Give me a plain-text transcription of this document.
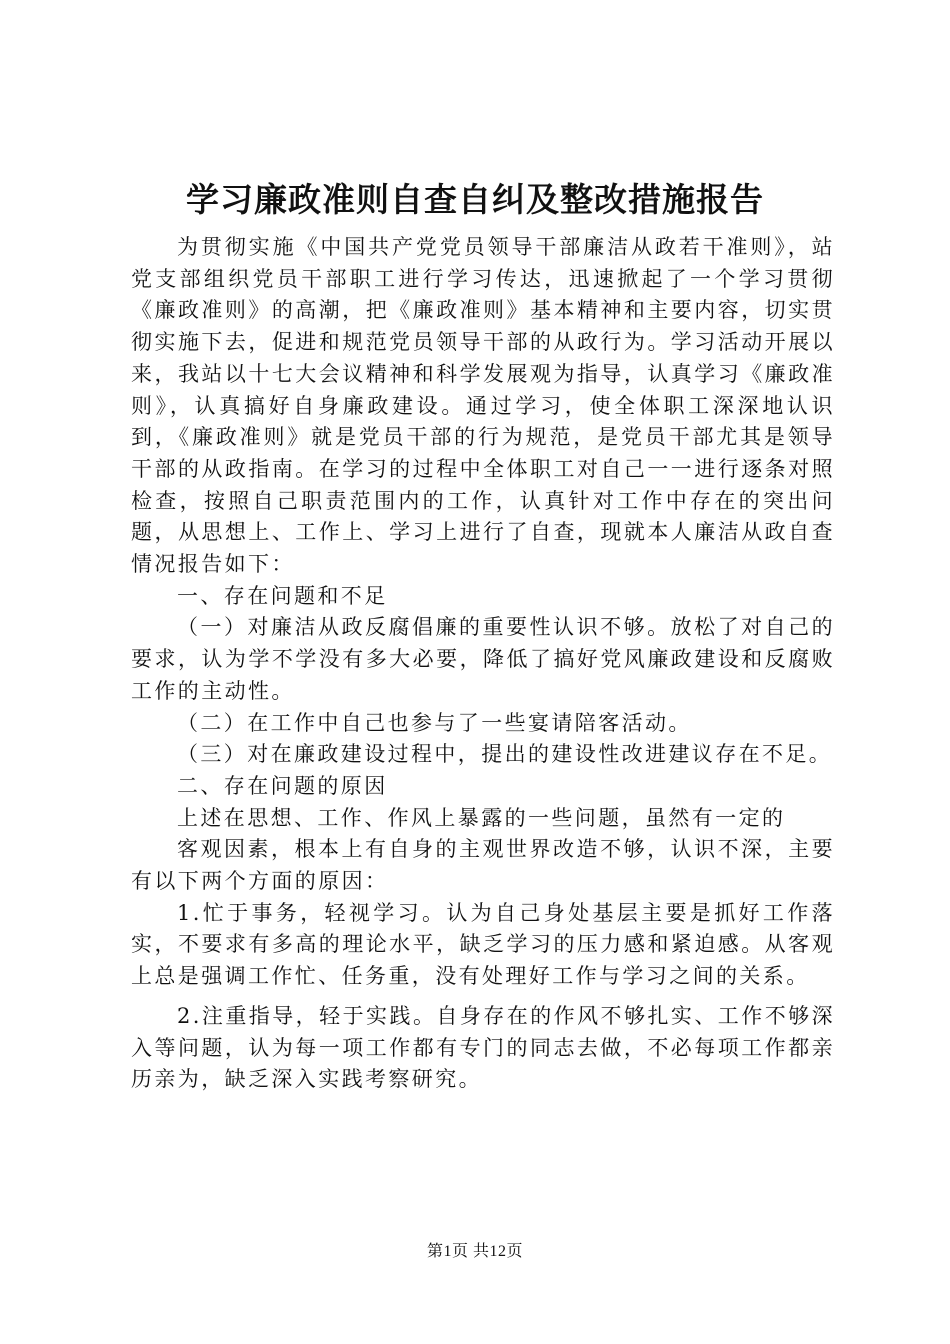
学习廉政准则自查自纠及整改措施报告

为贯彻实施《中国共产党党员领导干部廉洁从政若干准则》，站党支部组织党员干部职工进行学习传达，迅速掀起了一个学习贯彻《廉政准则》的高潮，把《廉政准则》基本精神和主要内容，切实贯彻实施下去，促进和规范党员领导干部的从政行为。学习活动开展以来，我站以十七大会议精神和科学发展观为指导，认真学习《廉政准则》，认真搞好自身廉政建设。通过学习，使全体职工深深地认识到，《廉政准则》就是党员干部的行为规范，是党员干部尤其是领导干部的从政指南。在学习的过程中全体职工对自己一一进行逐条对照检查，按照自己职责范围内的工作，认真针对工作中存在的突出问题，从思想上、工作上、学习上进行了自查，现就本人廉洁从政自查情况报告如下：

一、存在问题和不足

（一）对廉洁从政反腐倡廉的重要性认识不够。放松了对自己的要求，认为学不学没有多大必要，降低了搞好党风廉政建设和反腐败工作的主动性。

（二）在工作中自己也参与了一些宴请陪客活动。

（三）对在廉政建设过程中，提出的建设性改进建议存在不足。

二、存在问题的原因

上述在思想、工作、作风上暴露的一些问题，虽然有一定的

客观因素，根本上有自身的主观世界改造不够，认识不深，主要有以下两个方面的原因：

1.忙于事务，轻视学习。认为自己身处基层主要是抓好工作落实，不要求有多高的理论水平，缺乏学习的压力感和紧迫感。从客观上总是强调工作忙、任务重，没有处理好工作与学习之间的关系。

2.注重指导，轻于实践。自身存在的作风不够扎实、工作不够深入等问题，认为每一项工作都有专门的同志去做，不必每项工作都亲历亲为，缺乏深入实践考察研究。

第1页 共12页
